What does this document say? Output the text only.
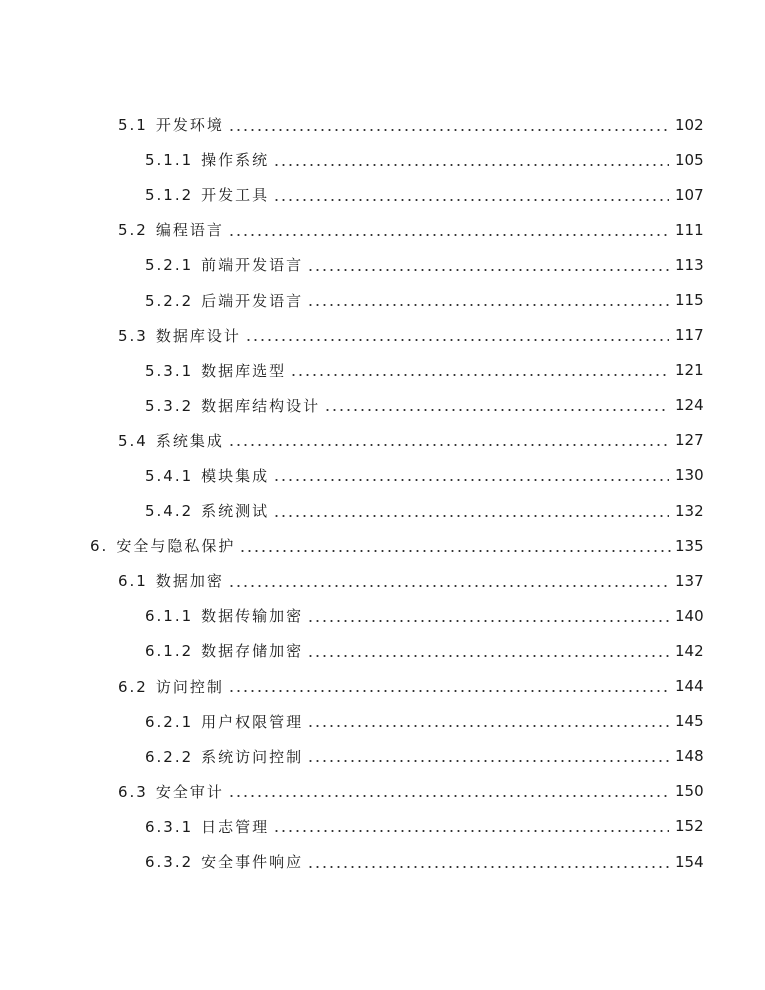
5.1 开发环境	102
5.1.1 操作系统	105
5.1.2 开发工具	107
5.2 编程语言	111
5.2.1 前端开发语言	113
5.2.2 后端开发语言	115
5.3 数据库设计	117
5.3.1 数据库选型	121
5.3.2 数据库结构设计	124
5.4 系统集成	127
5.4.1 模块集成	130
5.4.2 系统测试	132
6. 安全与隐私保护	135
6.1 数据加密	137
6.1.1 数据传输加密	140
6.1.2 数据存储加密	142
6.2 访问控制	144
6.2.1 用户权限管理	145
6.2.2 系统访问控制	148
6.3 安全审计	150
6.3.1 日志管理	152
6.3.2 安全事件响应	154
